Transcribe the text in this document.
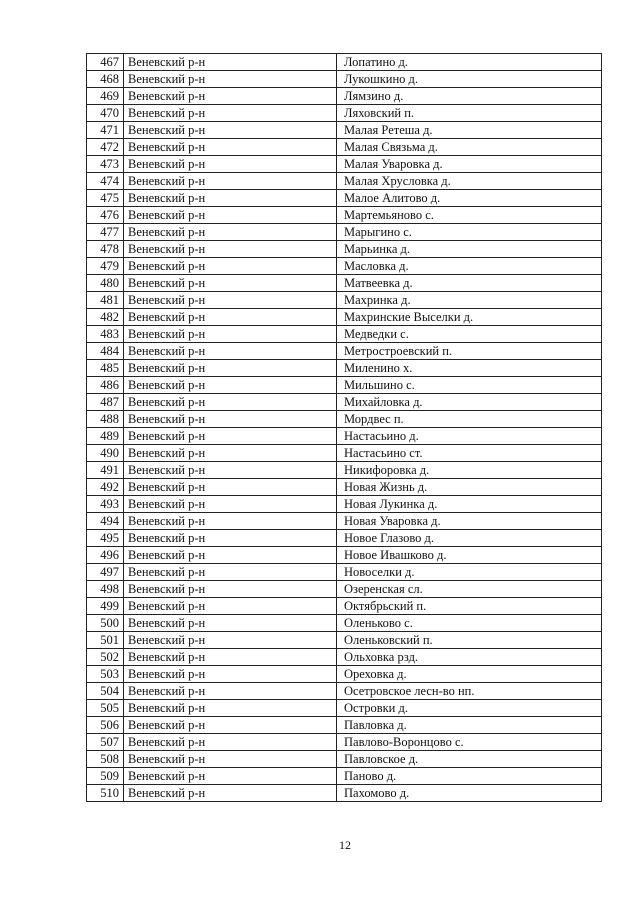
467	Веневский р-н	Лопатино д.
468	Веневский р-н	Лукошкино д.
469	Веневский р-н	Лямзино д.
470	Веневский р-н	Ляховский п.
471	Веневский р-н	Малая Ретеша д.
472	Веневский р-н	Малая Связьма д.
473	Веневский р-н	Малая Уваровка д.
474	Веневский р-н	Малая Хрусловка д.
475	Веневский р-н	Малое Алитово д.
476	Веневский р-н	Мартемьяново с.
477	Веневский р-н	Марыгино с.
478	Веневский р-н	Марьинка д.
479	Веневский р-н	Масловка д.
480	Веневский р-н	Матвеевка д.
481	Веневский р-н	Махринка д.
482	Веневский р-н	Махринские Выселки д.
483	Веневский р-н	Медведки с.
484	Веневский р-н	Метростроевский п.
485	Веневский р-н	Миленино х.
486	Веневский р-н	Мильшино с.
487	Веневский р-н	Михайловка д.
488	Веневский р-н	Мордвес п.
489	Веневский р-н	Настасьино д.
490	Веневский р-н	Настасьино ст.
491	Веневский р-н	Никифоровка д.
492	Веневский р-н	Новая Жизнь д.
493	Веневский р-н	Новая Лукинка д.
494	Веневский р-н	Новая Уваровка д.
495	Веневский р-н	Новое Глазово д.
496	Веневский р-н	Новое Ивашково д.
497	Веневский р-н	Новоселки д.
498	Веневский р-н	Озеренская сл.
499	Веневский р-н	Октябрьский п.
500	Веневский р-н	Оленьково с.
501	Веневский р-н	Оленьковский п.
502	Веневский р-н	Ольховка рзд.
503	Веневский р-н	Ореховка д.
504	Веневский р-н	Осетровское лесн-во нп.
505	Веневский р-н	Островки д.
506	Веневский р-н	Павловка д.
507	Веневский р-н	Павлово-Воронцово с.
508	Веневский р-н	Павловское д.
509	Веневский р-н	Паново д.
510	Веневский р-н	Пахомово д.
12
